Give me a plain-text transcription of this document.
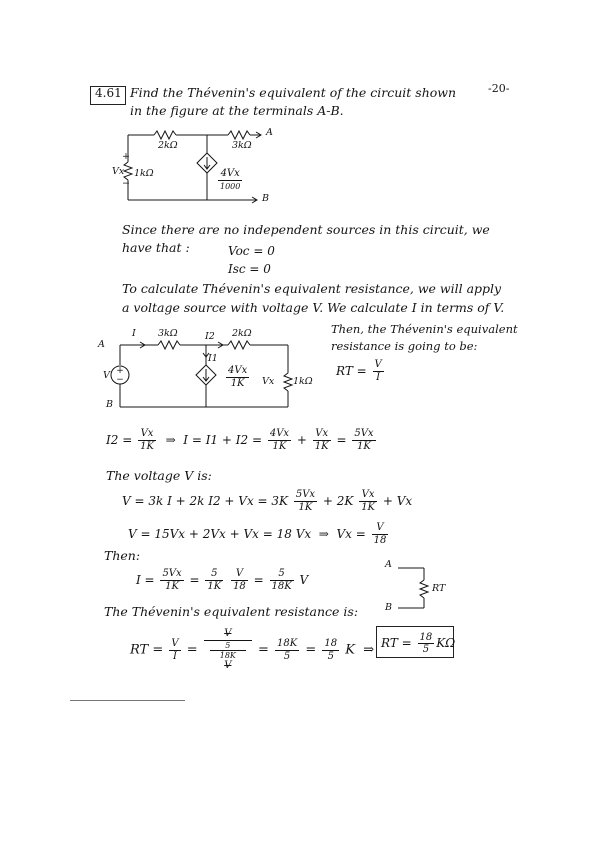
4.61 Find the Thévenin's equivalent of the circuit shown
in the figure at the terminals A-B.
-20-
2kΩ	3kΩ
A
B
Vx 1kΩ
+
−
4Vx
1000
Since there are no independent sources in this circuit, we
have that :	Voc = 0
Isc = 0
To calculate Thévenin's equivalent resistance, we will apply
a voltage source with voltage V. We calculate I in terms of V.
+
−
I	I2
I1
3kΩ	2kΩ
A
B
V
Vx 1kΩ
$\frac{4Vx}{1K}$
Then, the Thévenin's equivalent
resistance is going to be:
RT = $\frac{V}{I}$
$I2 = \frac{Vx}{1K}$ ⇒ $I = I1 + I2 = \frac{4Vx}{1K} + \frac{Vx}{1K} = \frac{5Vx}{1K}$
The voltage V is:
V = 3k I + 2k $I2 + Vx = 3K \frac{5Vx}{1K} + 2K \frac{Vx}{1K} + Vx$
V = 15Vx + 2Vx + Vx = 18 Vx ⇒ $Vx = \frac{V}{18}$
Then:
$I = \frac{5Vx}{1K} = \frac{5}{1K}$
$\frac{V}{18} = \frac{5}{18K}$ V
A
B
RT
The Thévenin's equivalent resistance is:
RT = $\frac{V}{I} = V$
5
18K
$V = \frac{18K}{5} = \frac{18}{5}$ K ⇒ RT = $\frac{18}{5}$ KΩ
